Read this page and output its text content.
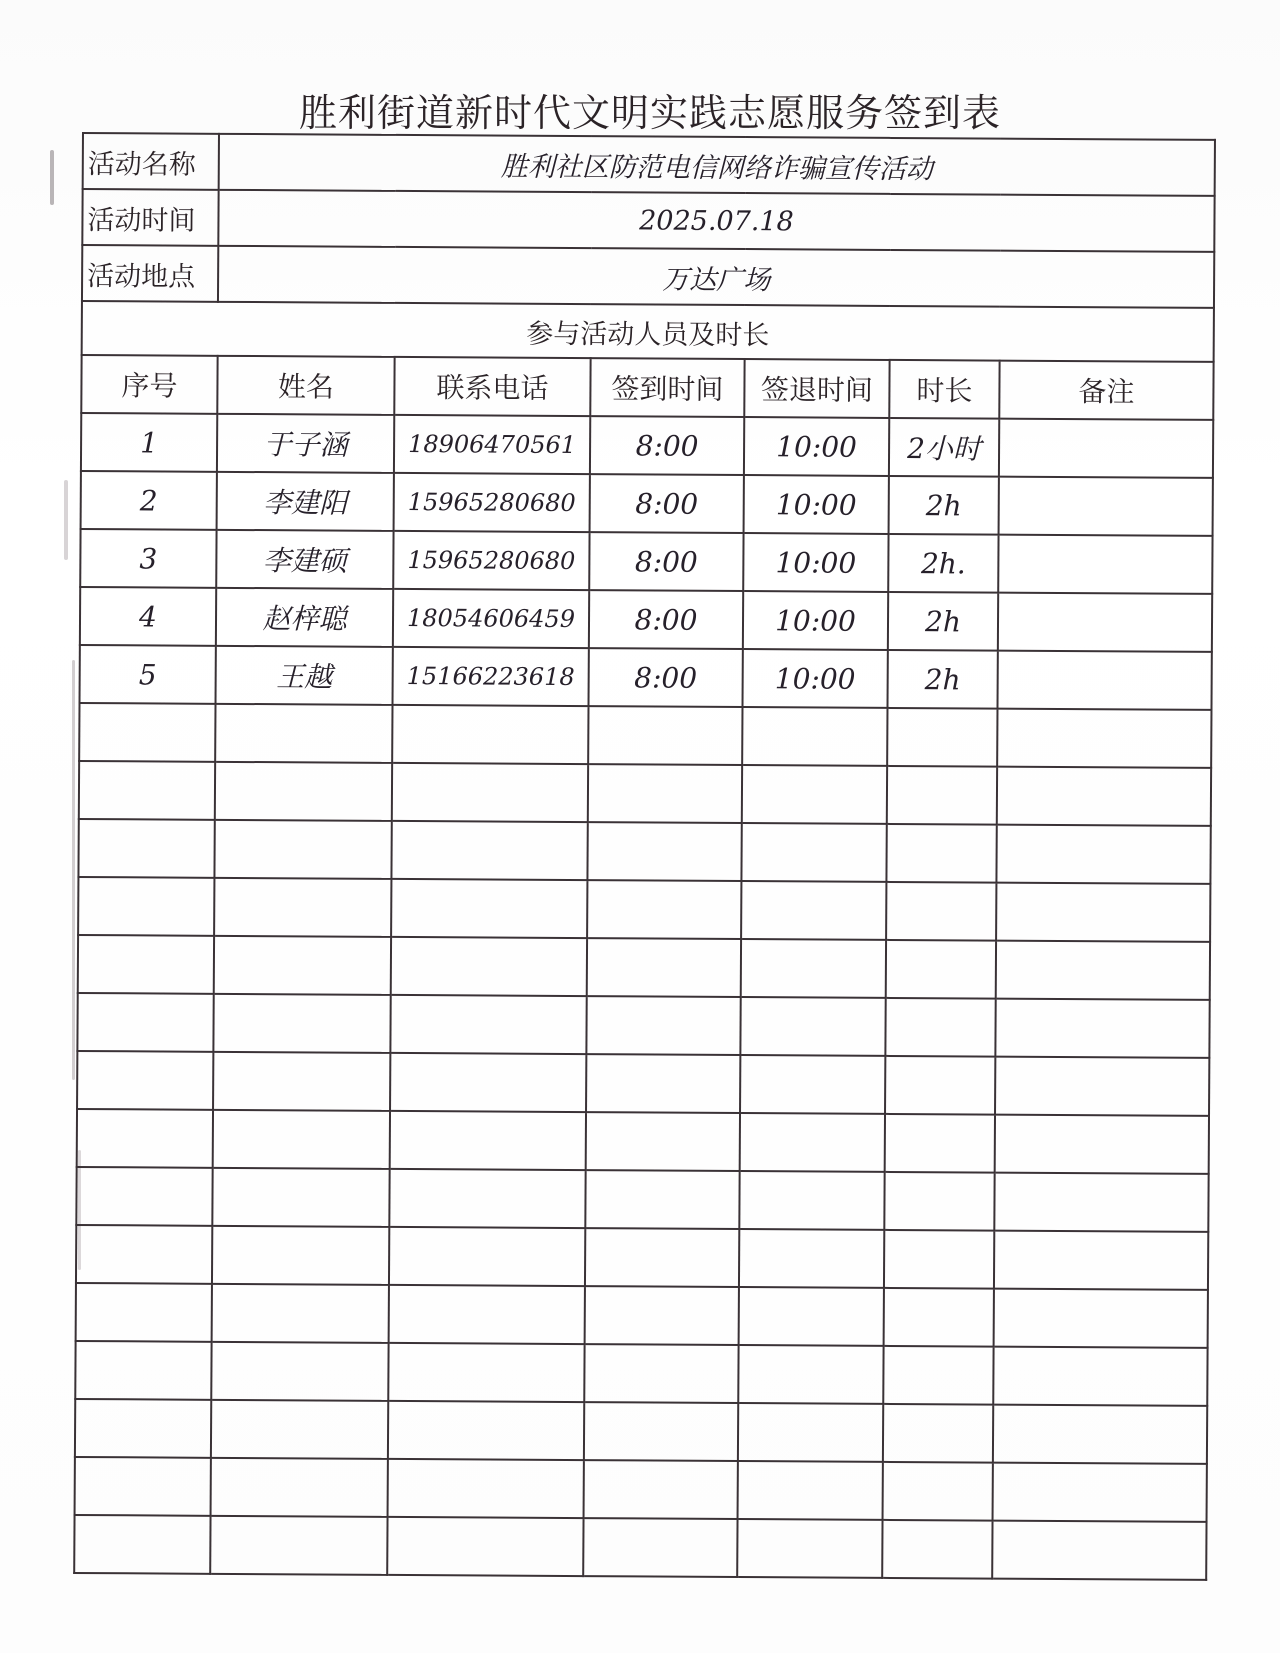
胜利街道新时代文明实践志愿服务签到表
活动名称	胜利社区防范电信网络诈骗宣传活动					
活动时间	2025.07.18					
活动地点	万达广场					
参与活动人员及时长						
序号	姓名	联系电话	签到时间	签退时间	时长	备注
1	于子涵	18906470561	8:00	10:00	2小时	
2	李建阳	15965280680	8:00	10:00	2h	
3	李建硕	15965280680	8:00	10:00	2h.	
4	赵梓聪	18054606459	8:00	10:00	2h	
5	王越	15166223618	8:00	10:00	2h	
